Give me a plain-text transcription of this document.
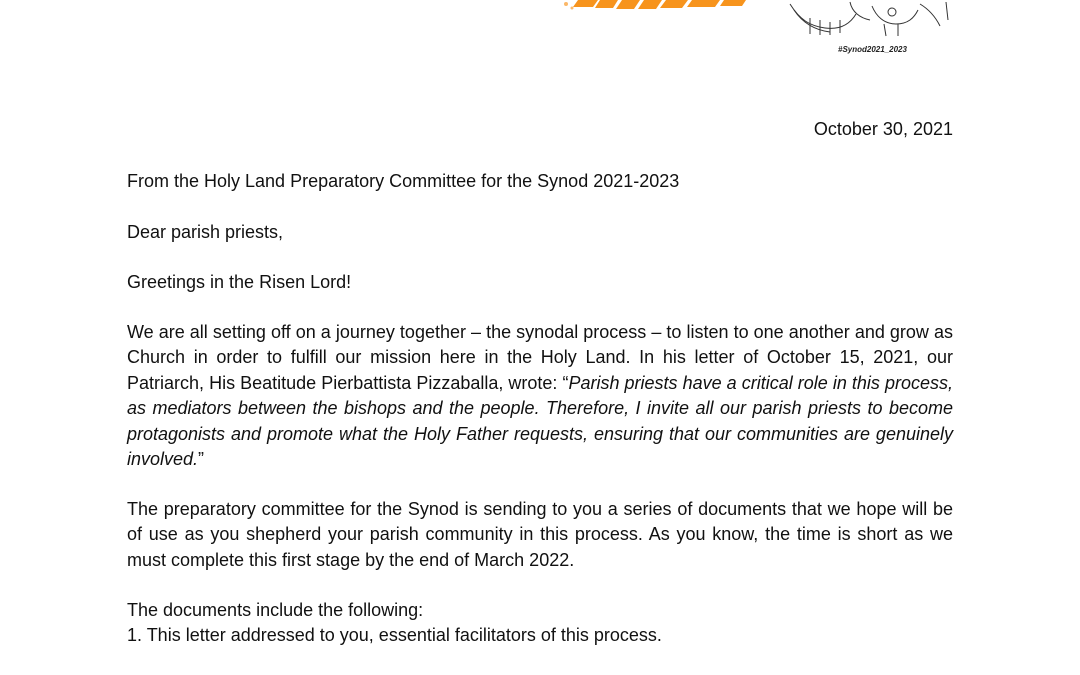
#Synod2021_2023
October 30, 2021

From the Holy Land Preparatory Committee for the Synod 2021-2023

Dear parish priests,

Greetings in the Risen Lord!

We are all setting off on a journey together – the synodal process – to listen to one another and grow as Church in order to fulfill our mission here in the Holy Land. In his letter of October 15, 2021, our Patriarch, His Beatitude Pierbattista Pizzaballa, wrote: “Parish priests have a critical role in this process, as mediators between the bishops and the people. Therefore, I invite all our parish priests to become protagonists and promote what the Holy Father requests, ensuring that our communities are genuinely involved.”

The preparatory committee for the Synod is sending to you a series of documents that we hope will be of use as you shepherd your parish community in this process. As you know, the time is short as we must complete this first stage by the end of March 2022.

The documents include the following:

1. This letter addressed to you, essential facilitators of this process.
